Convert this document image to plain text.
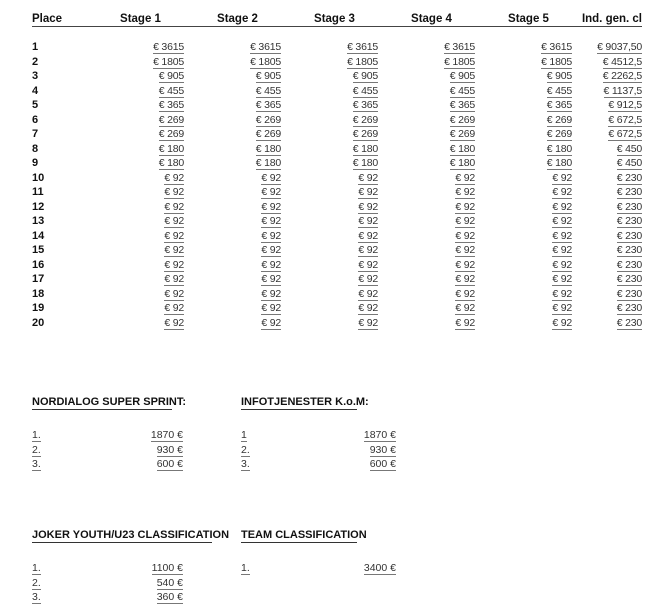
Place	Stage 1	Stage 2	Stage 3	Stage 4	Stage 5	Ind. gen. cl

1	€ 3615	€ 3615	€ 3615	€ 3615	€ 3615	€ 9037,50
2	€ 1805	€ 1805	€ 1805	€ 1805	€ 1805	€ 4512,5
3	€ 905	€ 905	€ 905	€ 905	€ 905	€ 2262,5
4	€ 455	€ 455	€ 455	€ 455	€ 455	€ 1137,5
5	€ 365	€ 365	€ 365	€ 365	€ 365	€ 912,5
6	€ 269	€ 269	€ 269	€ 269	€ 269	€ 672,5
7	€ 269	€ 269	€ 269	€ 269	€ 269	€ 672,5
8	€ 180	€ 180	€ 180	€ 180	€ 180	€ 450
9	€ 180	€ 180	€ 180	€ 180	€ 180	€ 450
10	€ 92	€ 92	€ 92	€ 92	€ 92	€ 230
11	€ 92	€ 92	€ 92	€ 92	€ 92	€ 230
12	€ 92	€ 92	€ 92	€ 92	€ 92	€ 230
13	€ 92	€ 92	€ 92	€ 92	€ 92	€ 230
14	€ 92	€ 92	€ 92	€ 92	€ 92	€ 230
15	€ 92	€ 92	€ 92	€ 92	€ 92	€ 230
16	€ 92	€ 92	€ 92	€ 92	€ 92	€ 230
17	€ 92	€ 92	€ 92	€ 92	€ 92	€ 230
18	€ 92	€ 92	€ 92	€ 92	€ 92	€ 230
19	€ 92	€ 92	€ 92	€ 92	€ 92	€ 230
20	€ 92	€ 92	€ 92	€ 92	€ 92	€ 230
NORDIALOG SUPER SPRINT:
1.	1870 €
2.	930 €
3.	600 €
INFOTJENESTER K.o.M:
1	1870 €
2.	930 €
3.	600 €
JOKER YOUTH/U23 CLASSIFICATION
1.	1100 €
2.	540 €
3.	360 €
TEAM CLASSIFICATION
1.	3400 €
